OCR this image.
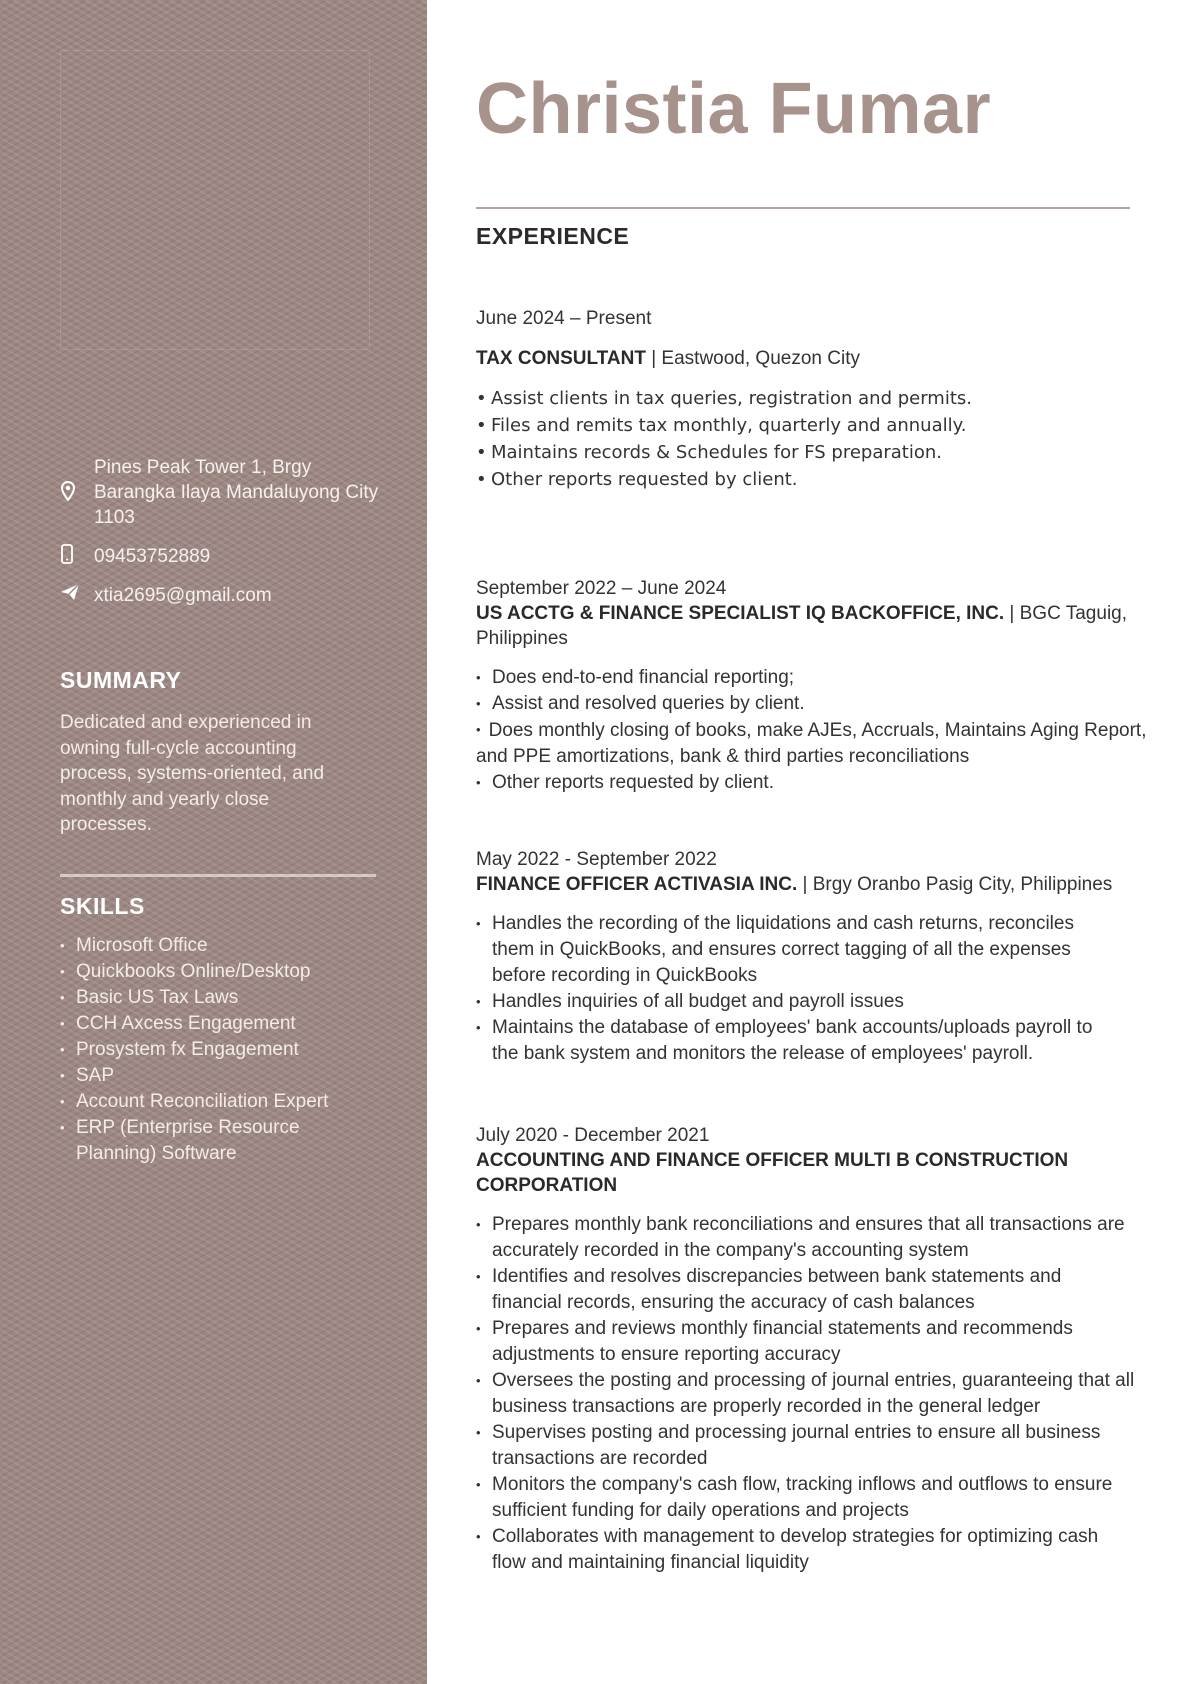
Pines Peak Tower 1, Brgy Barangka Ilaya Mandaluyong City 1103
09453752889
xtia2695@gmail.com
SUMMARY

Dedicated and experienced in owning full-cycle accounting process, systems-oriented, and monthly and yearly close processes.

SKILLS
• Microsoft Office
• Quickbooks Online/Desktop
• Basic US Tax Laws
• CCH Axcess Engagement
• Prosystem fx Engagement
• SAP
• Account Reconciliation Expert
• ERP (Enterprise Resource Planning) Software
Christia Fumar
EXPERIENCE
June 2024 – Present
TAX CONSULTANT | Eastwood, Quezon City
• Assist clients in tax queries, registration and permits.
• Files and remits tax monthly, quarterly and annually.
• Maintains records & Schedules for FS preparation.
• Other reports requested by client.
September 2022 – June 2024
US ACCTG & FINANCE SPECIALIST IQ BACKOFFICE, INC. | BGC Taguig, Philippines
• Does end-to-end financial reporting;
• Assist and resolved queries by client.
• Does monthly closing of books, make AJEs, Accruals, Maintains Aging Report, and PPE amortizations, bank & third parties reconciliations
• Other reports requested by client.
May 2022 - September 2022
FINANCE OFFICER ACTIVASIA INC. | Brgy Oranbo Pasig City, Philippines
• Handles the recording of the liquidations and cash returns, reconciles them in QuickBooks, and ensures correct tagging of all the expenses before recording in QuickBooks
• Handles inquiries of all budget and payroll issues
• Maintains the database of employees' bank accounts/uploads payroll to the bank system and monitors the release of employees' payroll.
July 2020 - December 2021
ACCOUNTING AND FINANCE OFFICER MULTI B CONSTRUCTION CORPORATION
• Prepares monthly bank reconciliations and ensures that all transactions are accurately recorded in the company's accounting system
• Identifies and resolves discrepancies between bank statements and financial records, ensuring the accuracy of cash balances
• Prepares and reviews monthly financial statements and recommends adjustments to ensure reporting accuracy
• Oversees the posting and processing of journal entries, guaranteeing that all business transactions are properly recorded in the general ledger
• Supervises posting and processing journal entries to ensure all business transactions are recorded
• Monitors the company's cash flow, tracking inflows and outflows to ensure sufficient funding for daily operations and projects
• Collaborates with management to develop strategies for optimizing cash flow and maintaining financial liquidity
